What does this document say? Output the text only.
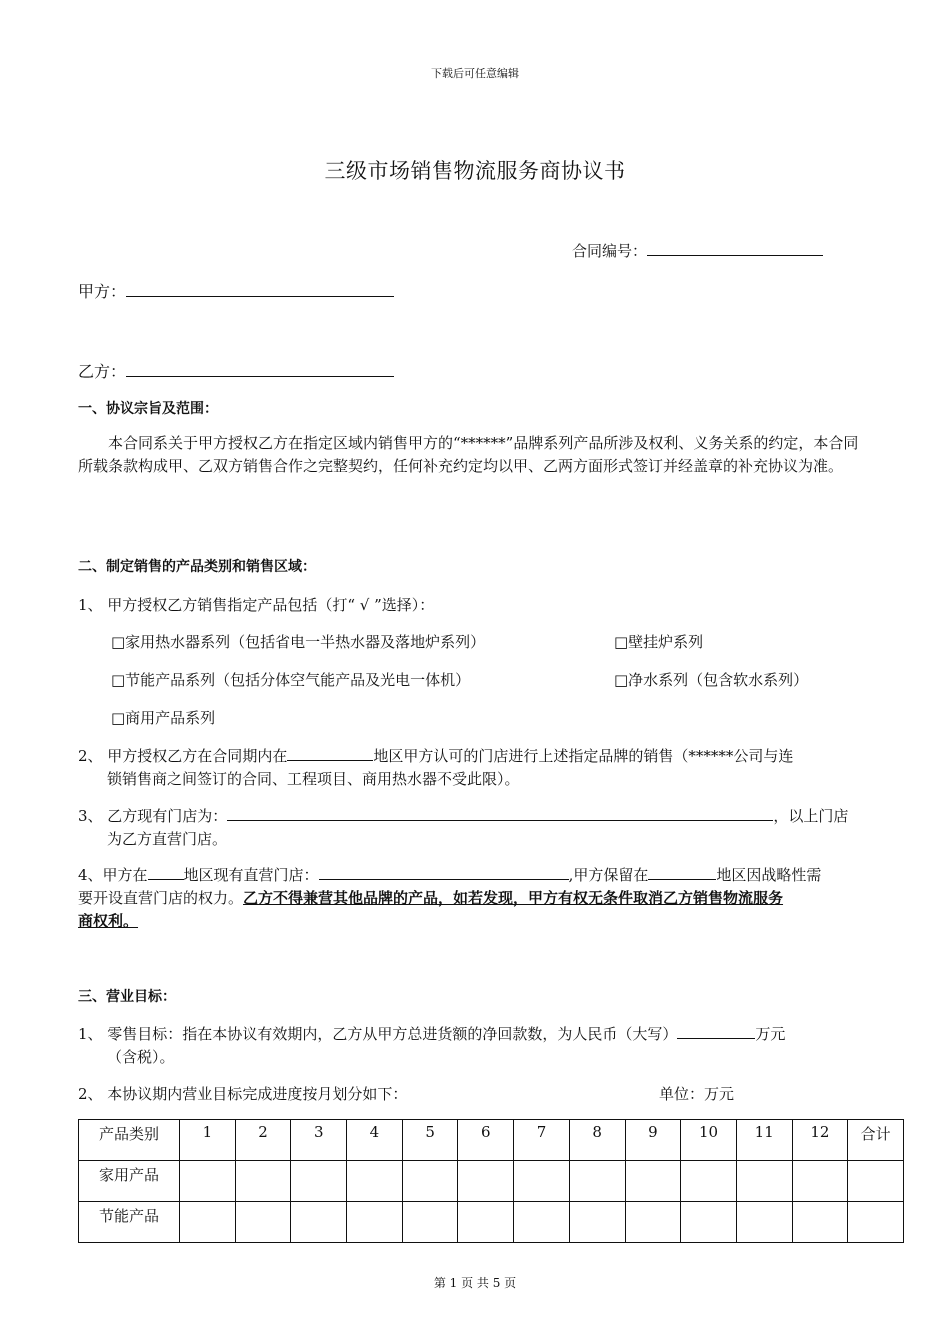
下载后可任意编辑
三级市场销售物流服务商协议书
合同编号：
甲方：
乙方：
一、协议宗旨及范围：
本合同系关于甲方授权乙方在指定区域内销售甲方的“******”品牌系列产品所涉及权利、义务关系的约定，本合同所载条款构成甲、乙双方销售合作之完整契约，任何补充约定均以甲、乙两方面形式签订并经盖章的补充协议为准。
二、制定销售的产品类别和销售区域：
1、 甲方授权乙方销售指定产品包括（打“ √ ”选择）：
□家用热水器系列（包括省电一半热水器及落地炉系列）	□壁挂炉系列
□节能产品系列（包括分体空气能产品及光电一体机）	□净水系列（包含软水系列）
□商用产品系列
2、 甲方授权乙方在合同期内在	地区甲方认可的门店进行上述指定品牌的销售（******公司与连
锁销售商之间签订的合同、工程项目、商用热水器不受此限）。
3、 乙方现有门店为：	，以上门店
为乙方直营门店。
4、甲方在 地区现有直营门店：	,甲方保留在	地区因战略性需
要开设直营门店的权力。乙方不得兼营其他品牌的产品，如若发现，甲方有权无条件取消乙方销售物流服务
商权利。
三、营业目标：
1、 零售目标：指在本协议有效期内，乙方从甲方总进货额的净回款数，为人民币（大写）	万元
（含税）。
2、 本协议期内营业目标完成进度按月划分如下：	单位：万元
产品类别	1	2	3	4	5	6	7	8	9	10	11	12	合计
家用产品													
节能产品													
第 1 页 共 5 页
